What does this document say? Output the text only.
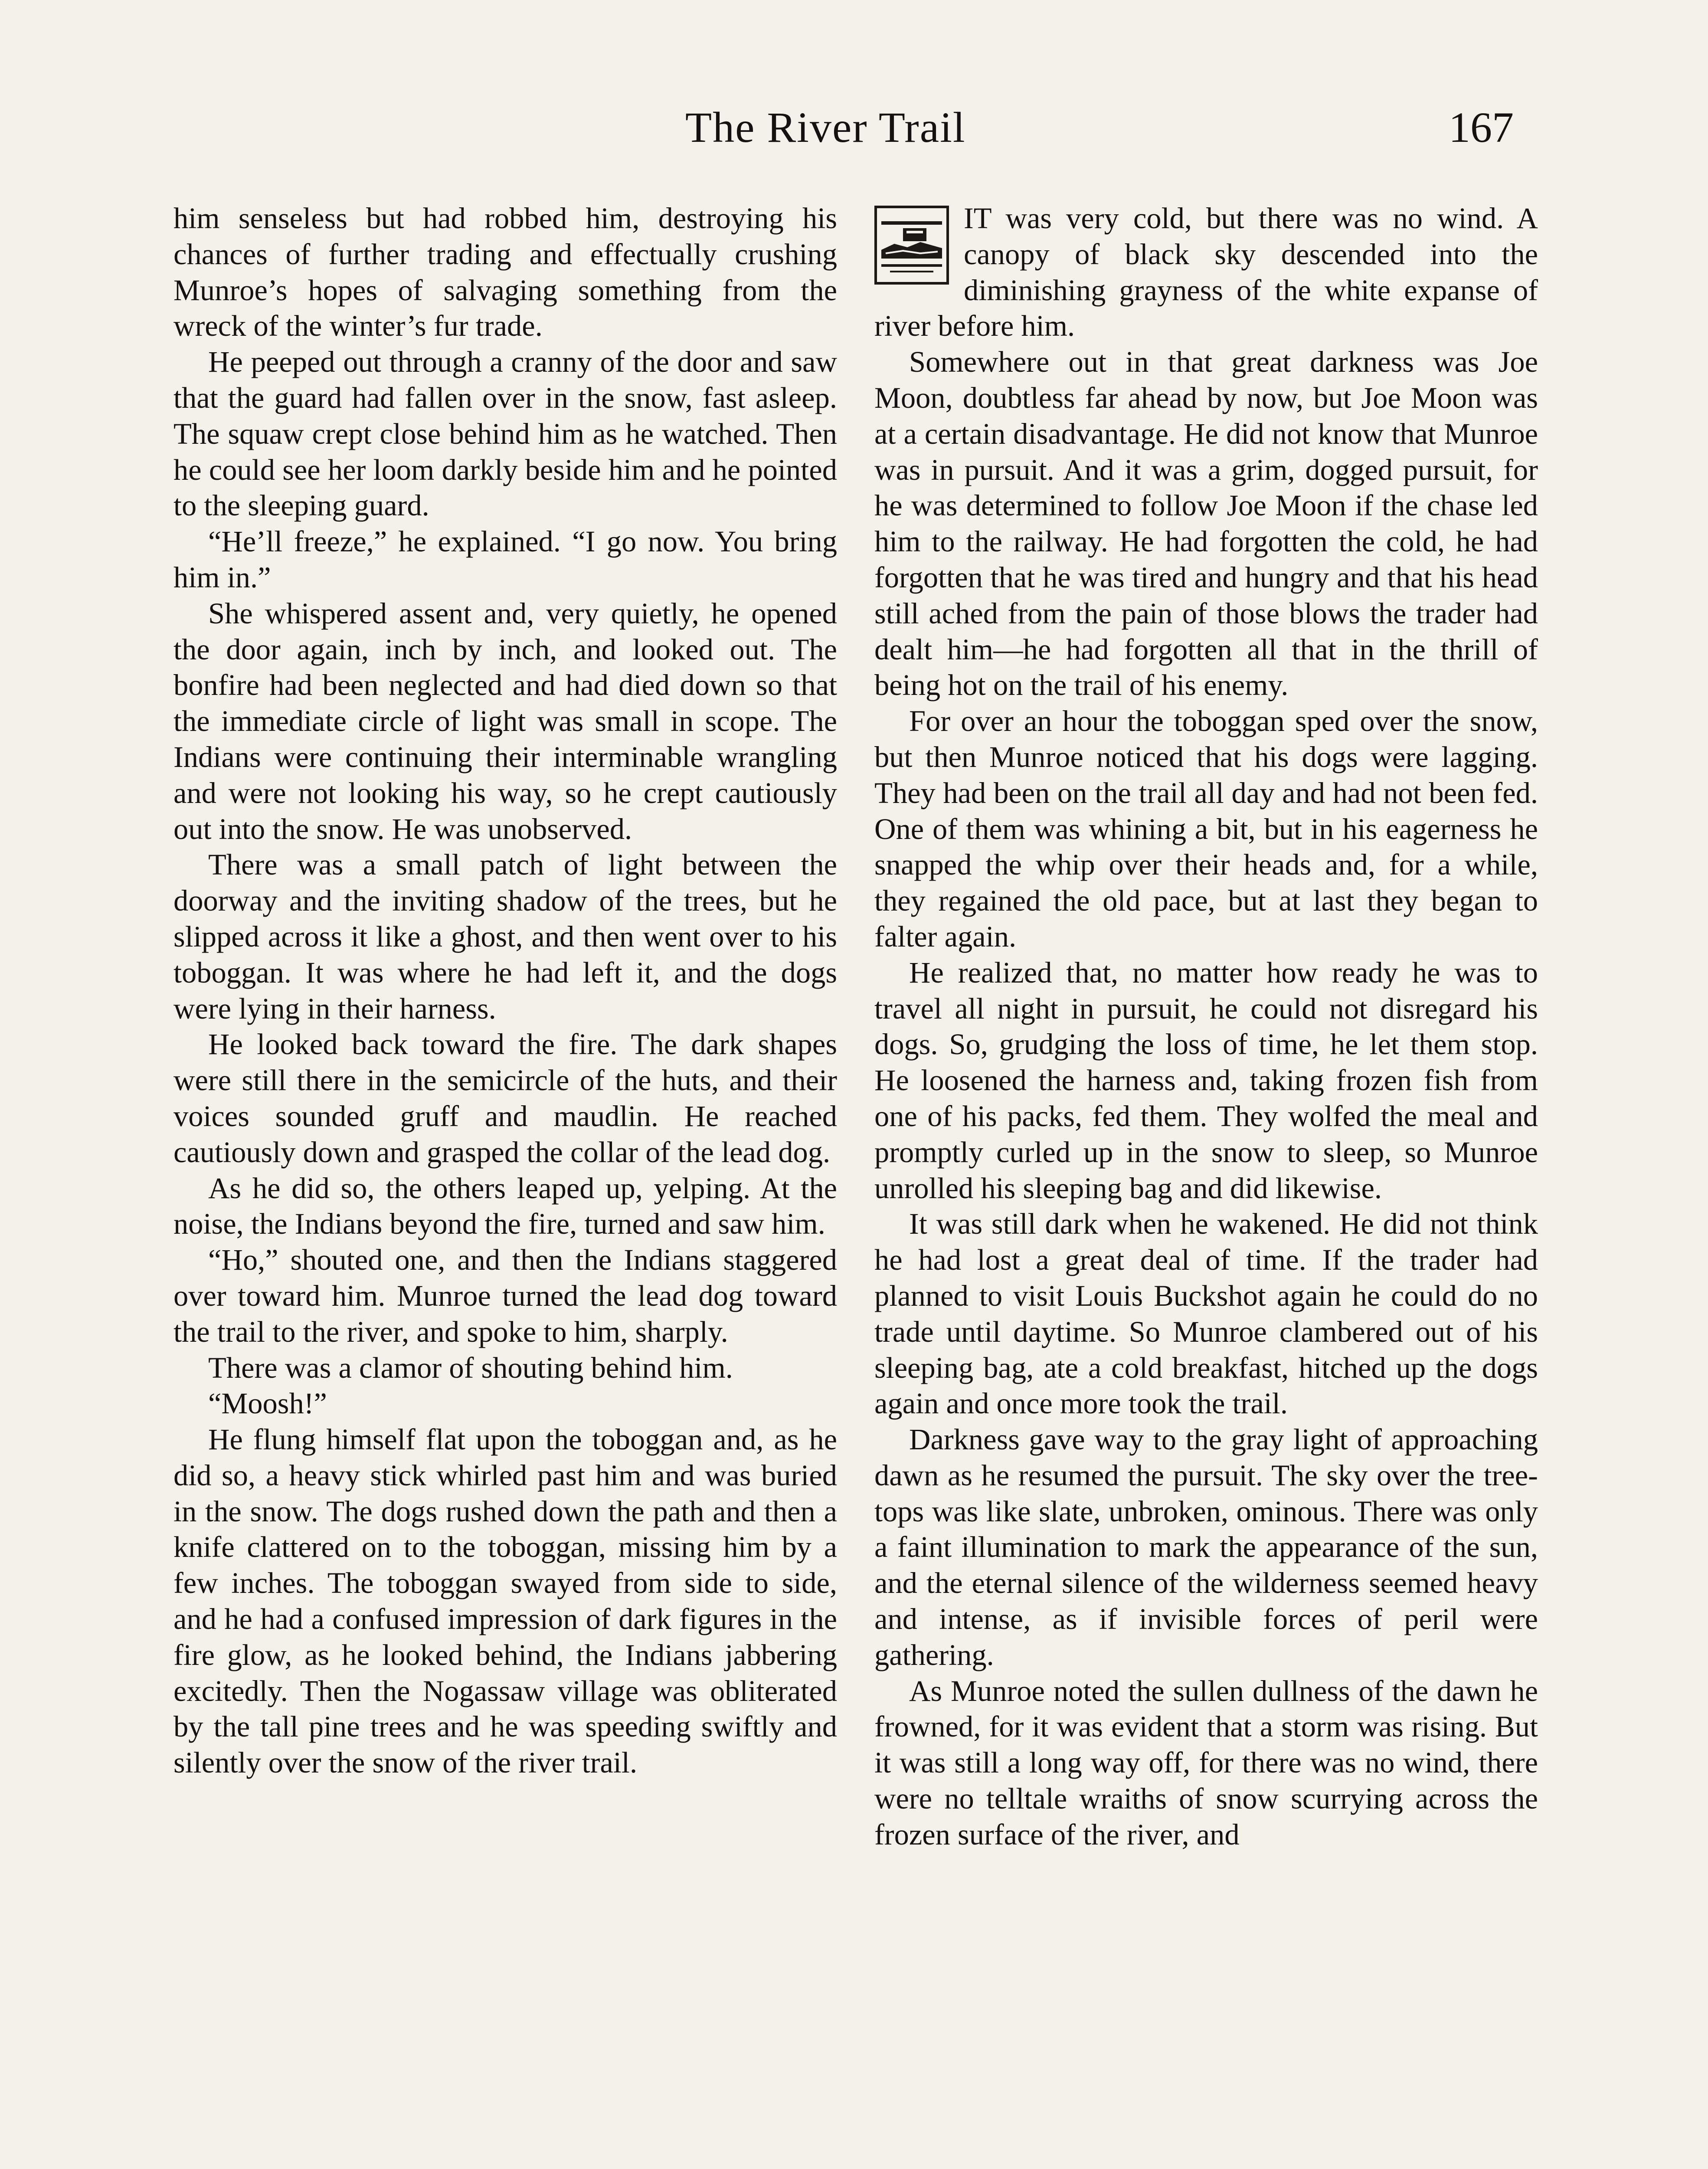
The River Trail	167

him senseless but had robbed him, destroying his chances of further trading and effectually crushing Munroe’s hopes of salvaging something from the wreck of the winter’s fur trade.

He peeped out through a cranny of the door and saw that the guard had fallen over in the snow, fast asleep. The squaw crept close behind him as he watched. Then he could see her loom darkly beside him and he pointed to the sleeping guard.

“He’ll freeze,” he explained. “I go now. You bring him in.”

She whispered assent and, very quietly, he opened the door again, inch by inch, and looked out. The bonfire had been neglected and had died down so that the immediate circle of light was small in scope. The Indians were continuing their interminable wrangling and were not looking his way, so he crept cautiously out into the snow. He was unobserved.

There was a small patch of light between the doorway and the inviting shadow of the trees, but he slipped across it like a ghost, and then went over to his toboggan. It was where he had left it, and the dogs were lying in their harness.

He looked back toward the fire. The dark shapes were still there in the semicircle of the huts, and their voices sounded gruff and maudlin. He reached cautiously down and grasped the collar of the lead dog.

As he did so, the others leaped up, yelping. At the noise, the Indians beyond the fire, turned and saw him.

“Ho,” shouted one, and then the Indians staggered over toward him. Munroe turned the lead dog toward the trail to the river, and spoke to him, sharply.

There was a clamor of shouting behind him.

“Moosh!”

He flung himself flat upon the toboggan and, as he did so, a heavy stick whirled past him and was buried in the snow. The dogs rushed down the path and then a knife clattered on to the toboggan, missing him by a few inches. The toboggan swayed from side to side, and he had a confused impression of dark figures in the fire glow, as he looked behind, the Indians jabbering excitedly. Then the Nogassaw village was obliterated by the tall pine trees and he was speeding swiftly and silently over the snow of the river trail.

IT was very cold, but there was no wind. A canopy of black sky descended into the diminishing grayness of the white expanse of river before him.

Somewhere out in that great darkness was Joe Moon, doubtless far ahead by now, but Joe Moon was at a certain disadvantage. He did not know that Munroe was in pursuit. And it was a grim, dogged pursuit, for he was determined to follow Joe Moon if the chase led him to the railway. He had forgotten the cold, he had forgotten that he was tired and hungry and that his head still ached from the pain of those blows the trader had dealt him—he had forgotten all that in the thrill of being hot on the trail of his enemy.

For over an hour the toboggan sped over the snow, but then Munroe noticed that his dogs were lagging. They had been on the trail all day and had not been fed. One of them was whining a bit, but in his eagerness he snapped the whip over their heads and, for a while, they regained the old pace, but at last they began to falter again.

He realized that, no matter how ready he was to travel all night in pursuit, he could not disregard his dogs. So, grudging the loss of time, he let them stop. He loosened the harness and, taking frozen fish from one of his packs, fed them. They wolfed the meal and promptly curled up in the snow to sleep, so Munroe unrolled his sleeping bag and did likewise.

It was still dark when he wakened. He did not think he had lost a great deal of time. If the trader had planned to visit Louis Buckshot again he could do no trade until daytime. So Munroe clambered out of his sleeping bag, ate a cold breakfast, hitched up the dogs again and once more took the trail.

Darkness gave way to the gray light of approaching dawn as he resumed the pursuit. The sky over the tree-tops was like slate, unbroken, ominous. There was only a faint illumination to mark the appearance of the sun, and the eternal silence of the wilderness seemed heavy and intense, as if invisible forces of peril were gathering.

As Munroe noted the sullen dullness of the dawn he frowned, for it was evident that a storm was rising. But it was still a long way off, for there was no wind, there were no telltale wraiths of snow scurrying across the frozen surface of the river, and
